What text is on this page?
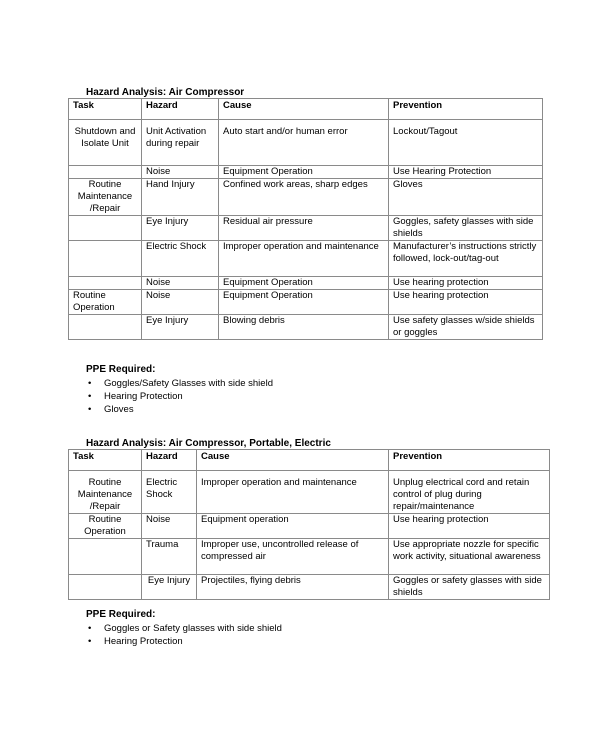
Hazard Analysis: Air Compressor
Task	Hazard	Cause	Prevention
Shutdown and Isolate Unit	Unit Activation during repair	Auto start and/or human error	Lockout/Tagout
	Noise	Equipment Operation	Use Hearing Protection
Routine Maintenance /Repair	Hand Injury	Confined work areas, sharp edges	Gloves
	Eye Injury	Residual air pressure	Goggles, safety glasses with side shields
	Electric Shock	Improper operation and maintenance	Manufacturer’s instructions strictly followed, lock-out/tag-out
	Noise	Equipment Operation	Use hearing protection
Routine Operation	Noise	Equipment Operation	Use hearing protection
	Eye Injury	Blowing debris	Use safety glasses w/side shields or goggles
PPE Required:
• Goggles/Safety Glasses with side shield
• Hearing Protection
• Gloves
Hazard Analysis: Air Compressor, Portable, Electric
Task	Hazard	Cause	Prevention
Routine Maintenance /Repair	Electric Shock	Improper operation and maintenance	Unplug electrical cord and retain control of plug during repair/maintenance
Routine Operation	Noise	Equipment operation	Use hearing protection
	Trauma	Improper use, uncontrolled release of compressed air	Use appropriate nozzle for specific work activity, situational awareness
	Eye Injury	Projectiles, flying debris	Goggles or safety glasses with side shields
PPE Required:
• Goggles or Safety glasses with side shield
• Hearing Protection
